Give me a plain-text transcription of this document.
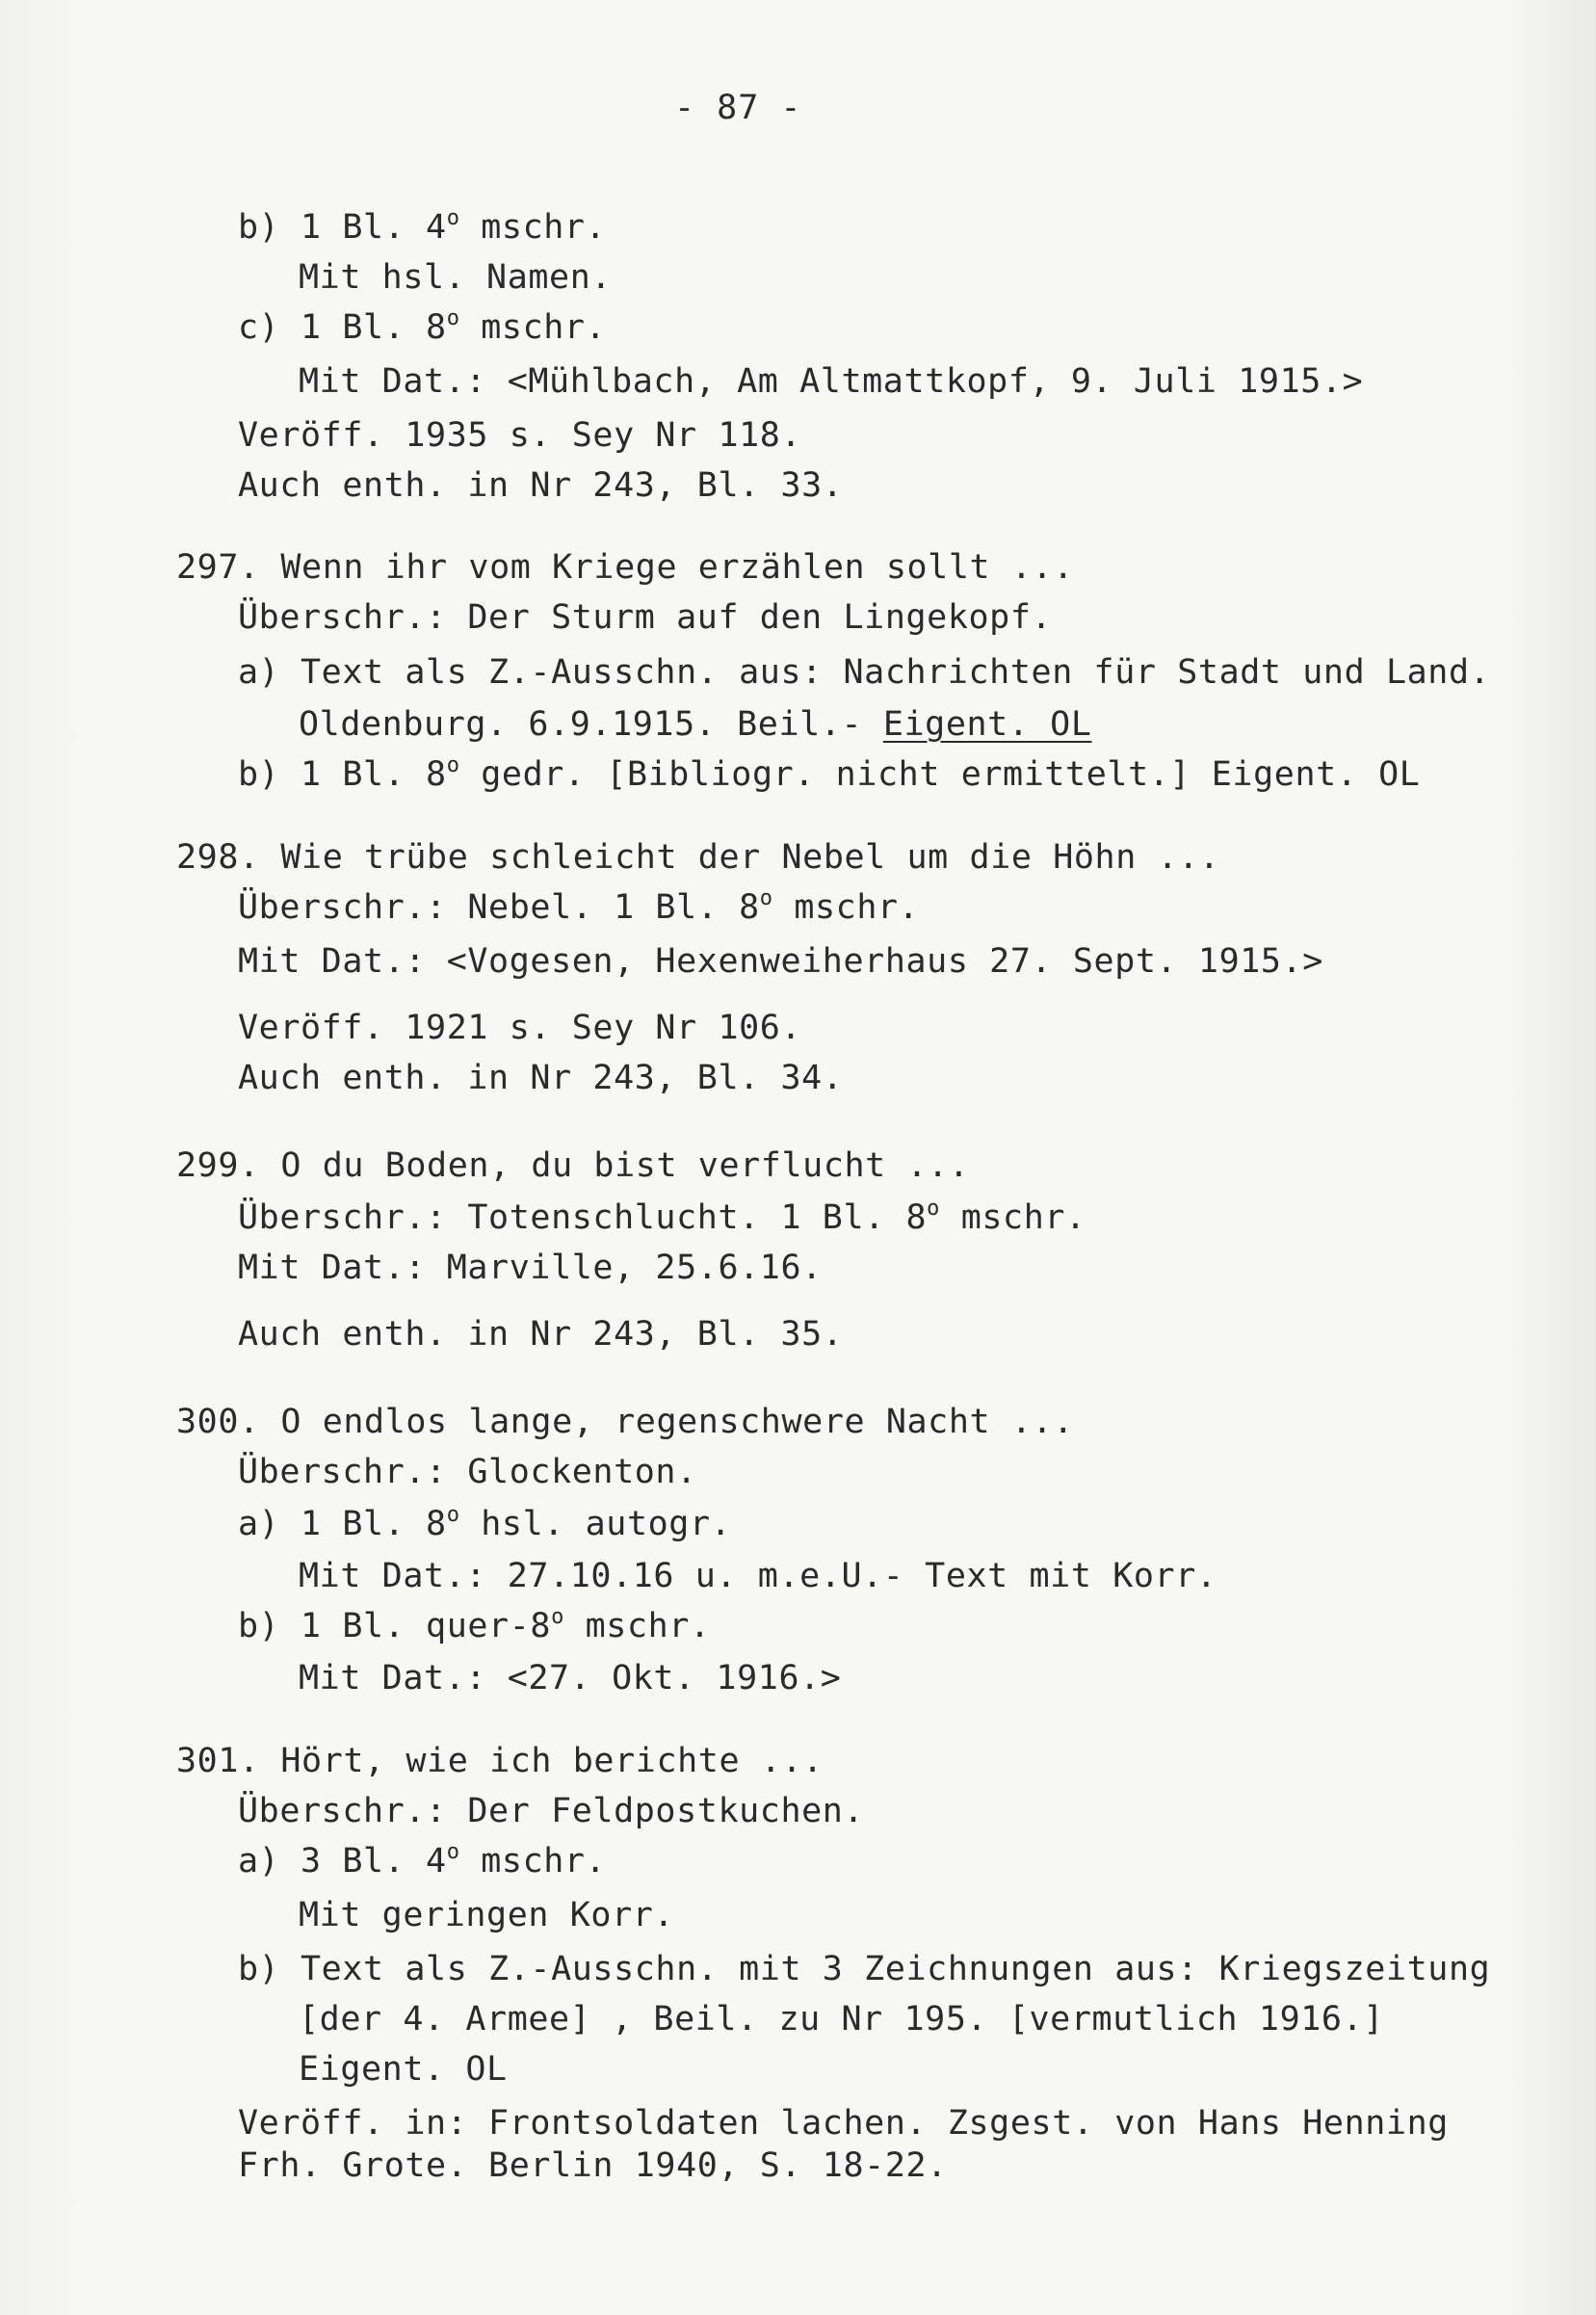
- 87 -
b) 1 Bl. 4$^o$ mschr.
Mit hsl. Namen.
c) 1 Bl. 8$^o$ mschr.
Mit Dat.: <Mühlbach, Am Altmattkopf, 9. Juli 1915.>
Veröff. 1935 s. Sey Nr 118.
Auch enth. in Nr 243, Bl. 33.
297. Wenn ihr vom Kriege erzählen sollt ...
Überschr.: Der Sturm auf den Lingekopf.
a) Text als Z.-Ausschn. aus: Nachrichten für Stadt und Land.
Oldenburg. 6.9.1915. Beil.- Eigent. OL
b) 1 Bl. 8$^o$ gedr. [Bibliogr. nicht ermittelt.] Eigent. OL
298. Wie trübe schleicht der Nebel um die Höhn ...
Überschr.: Nebel. 1 Bl. 8$^o$ mschr.
Mit Dat.: <Vogesen, Hexenweiherhaus 27. Sept. 1915.>
Veröff. 1921 s. Sey Nr 106.
Auch enth. in Nr 243, Bl. 34.
299. O du Boden, du bist verflucht ...
Überschr.: Totenschlucht. 1 Bl. 8$^o$ mschr.
Mit Dat.: Marville, 25.6.16.
Auch enth. in Nr 243, Bl. 35.
300. O endlos lange, regenschwere Nacht ...
Überschr.: Glockenton.
a) 1 Bl. 8$^o$ hsl. autogr.
Mit Dat.: 27.10.16 u. m.e.U.- Text mit Korr.
b) 1 Bl. quer-8$^o$ mschr.
Mit Dat.: <27. Okt. 1916.>
301. Hört, wie ich berichte ...
Überschr.: Der Feldpostkuchen.
a) 3 Bl. 4$^o$ mschr.
Mit geringen Korr.
b) Text als Z.-Ausschn. mit 3 Zeichnungen aus: Kriegszeitung
[der 4. Armee] , Beil. zu Nr 195. [vermutlich 1916.]
Eigent. OL
Veröff. in: Frontsoldaten lachen. Zsgest. von Hans Henning
Frh. Grote. Berlin 1940, S. 18-22.
